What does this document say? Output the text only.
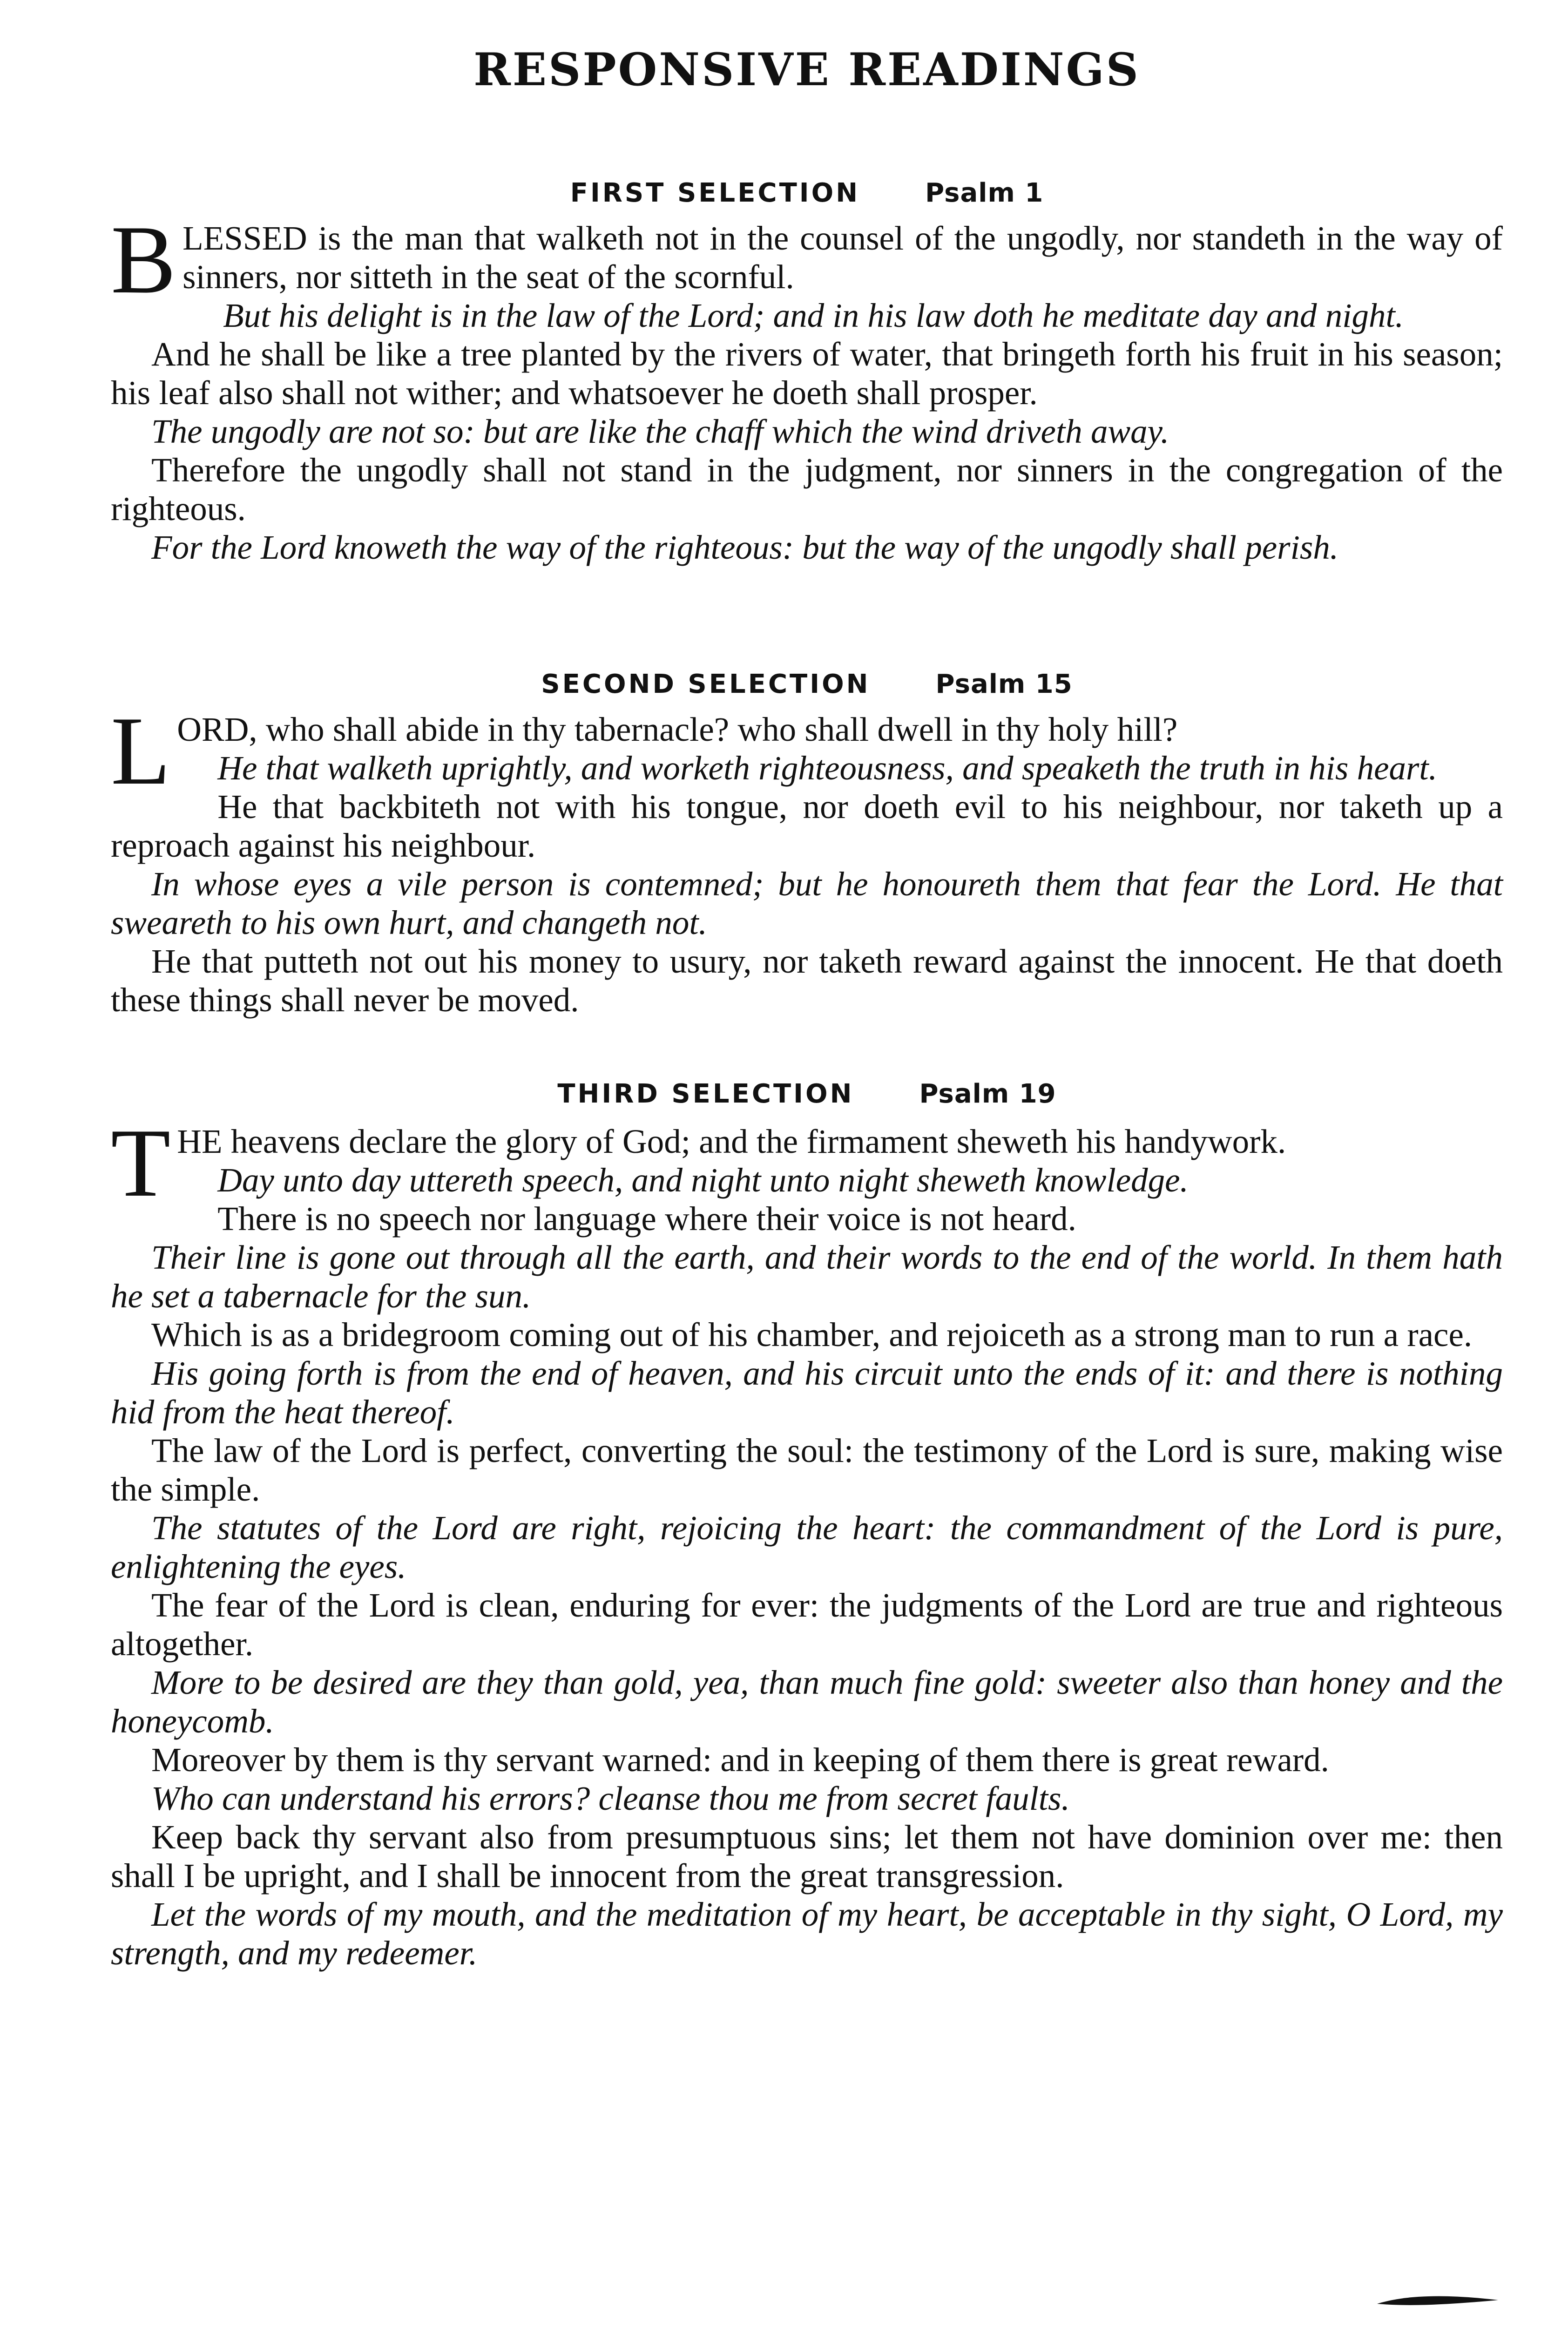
RESPONSIVE READINGS
FIRST SELECTION	Psalm 1

BLESSED is the man that walketh not in the counsel of the ungodly, nor standeth in the way of sinners, nor sitteth in the seat of the scornful.

But his delight is in the law of the Lord; and in his law doth he meditate day and night.

And he shall be like a tree planted by the rivers of water, that bringeth forth his fruit in his season; his leaf also shall not wither; and whatsoever he doeth shall prosper.

The ungodly are not so: but are like the chaff which the wind driveth away.

Therefore the ungodly shall not stand in the judgment, nor sinners in the congregation of the righteous.

For the Lord knoweth the way of the righteous: but the way of the ungodly shall perish.

SECOND SELECTION	Psalm 15

LORD, who shall abide in thy tabernacle? who shall dwell in thy holy hill?

He that walketh uprightly, and worketh righteousness, and speaketh the truth in his heart.

He that backbiteth not with his tongue, nor doeth evil to his neighbour, nor taketh up a reproach against his neighbour.

In whose eyes a vile person is contemned; but he honoureth them that fear the Lord. He that sweareth to his own hurt, and changeth not.

He that putteth not out his money to usury, nor taketh reward against the innocent. He that doeth these things shall never be moved.

THIRD SELECTION	Psalm 19

THE heavens declare the glory of God; and the firmament sheweth his handywork.

Day unto day uttereth speech, and night unto night sheweth knowledge.

There is no speech nor language where their voice is not heard.

Their line is gone out through all the earth, and their words to the end of the world. In them hath he set a tabernacle for the sun.

Which is as a bridegroom coming out of his chamber, and rejoiceth as a strong man to run a race.

His going forth is from the end of heaven, and his circuit unto the ends of it: and there is nothing hid from the heat thereof.

The law of the Lord is perfect, converting the soul: the testimony of the Lord is sure, making wise the simple.

The statutes of the Lord are right, rejoicing the heart: the commandment of the Lord is pure, enlightening the eyes.

The fear of the Lord is clean, enduring for ever: the judgments of the Lord are true and righteous altogether.

More to be desired are they than gold, yea, than much fine gold: sweeter also than honey and the honeycomb.

Moreover by them is thy servant warned: and in keeping of them there is great reward.

Who can understand his errors? cleanse thou me from secret faults.

Keep back thy servant also from presumptuous sins; let them not have dominion over me: then shall I be upright, and I shall be innocent from the great transgression.

Let the words of my mouth, and the meditation of my heart, be acceptable in thy sight, O Lord, my strength, and my redeemer.
